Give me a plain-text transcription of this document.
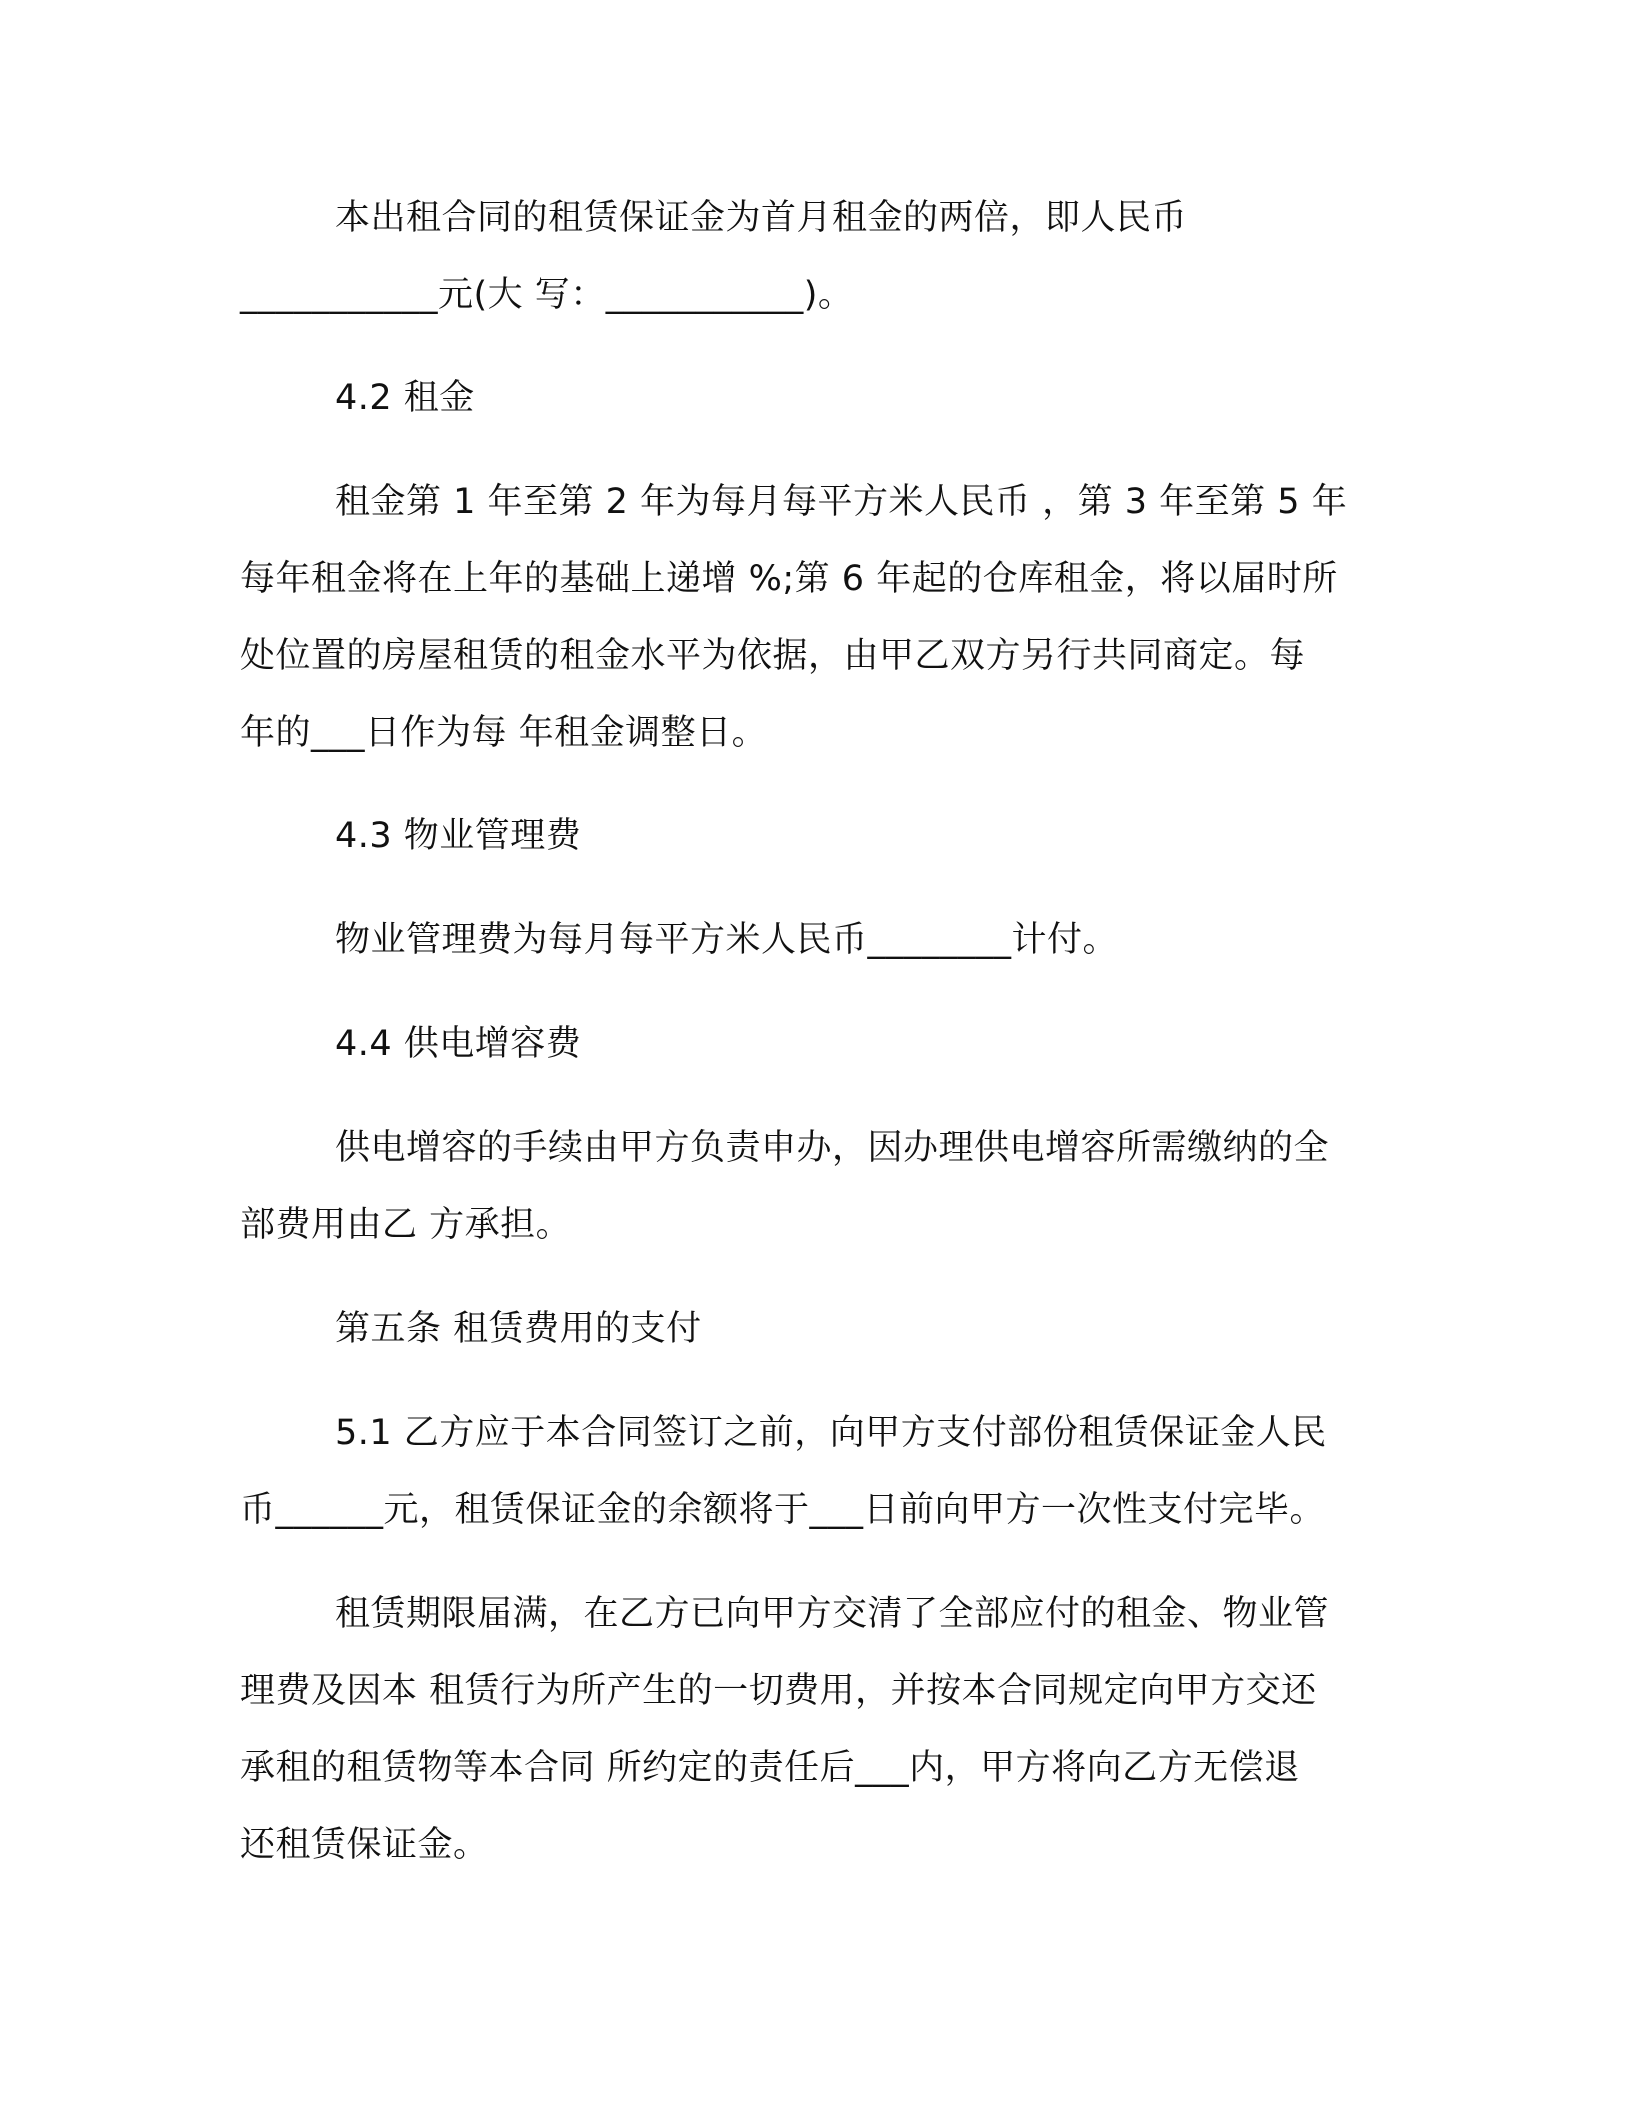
本出租合同的租赁保证金为首月租金的两倍，即人民币
___________元(大 写：___________)。

4.2 租金

租金第 1 年至第 2 年为每月每平方米人民币 ，第 3 年至第 5 年
每年租金将在上年的基础上递增 %;第 6 年起的仓库租金，将以届时所
处位置的房屋租赁的租金水平为依据，由甲乙双方另行共同商定。每
年的___日作为每 年租金调整日。

4.3 物业管理费

物业管理费为每月每平方米人民币________计付。

4.4 供电增容费

供电增容的手续由甲方负责申办，因办理供电增容所需缴纳的全
部费用由乙 方承担。

第五条 租赁费用的支付

5.1 乙方应于本合同签订之前，向甲方支付部份租赁保证金人民
币______元，租赁保证金的余额将于___日前向甲方一次性支付完毕。

租赁期限届满，在乙方已向甲方交清了全部应付的租金、物业管
理费及因本 租赁行为所产生的一切费用，并按本合同规定向甲方交还
承租的租赁物等本合同 所约定的责任后___内，甲方将向乙方无偿退
还租赁保证金。
